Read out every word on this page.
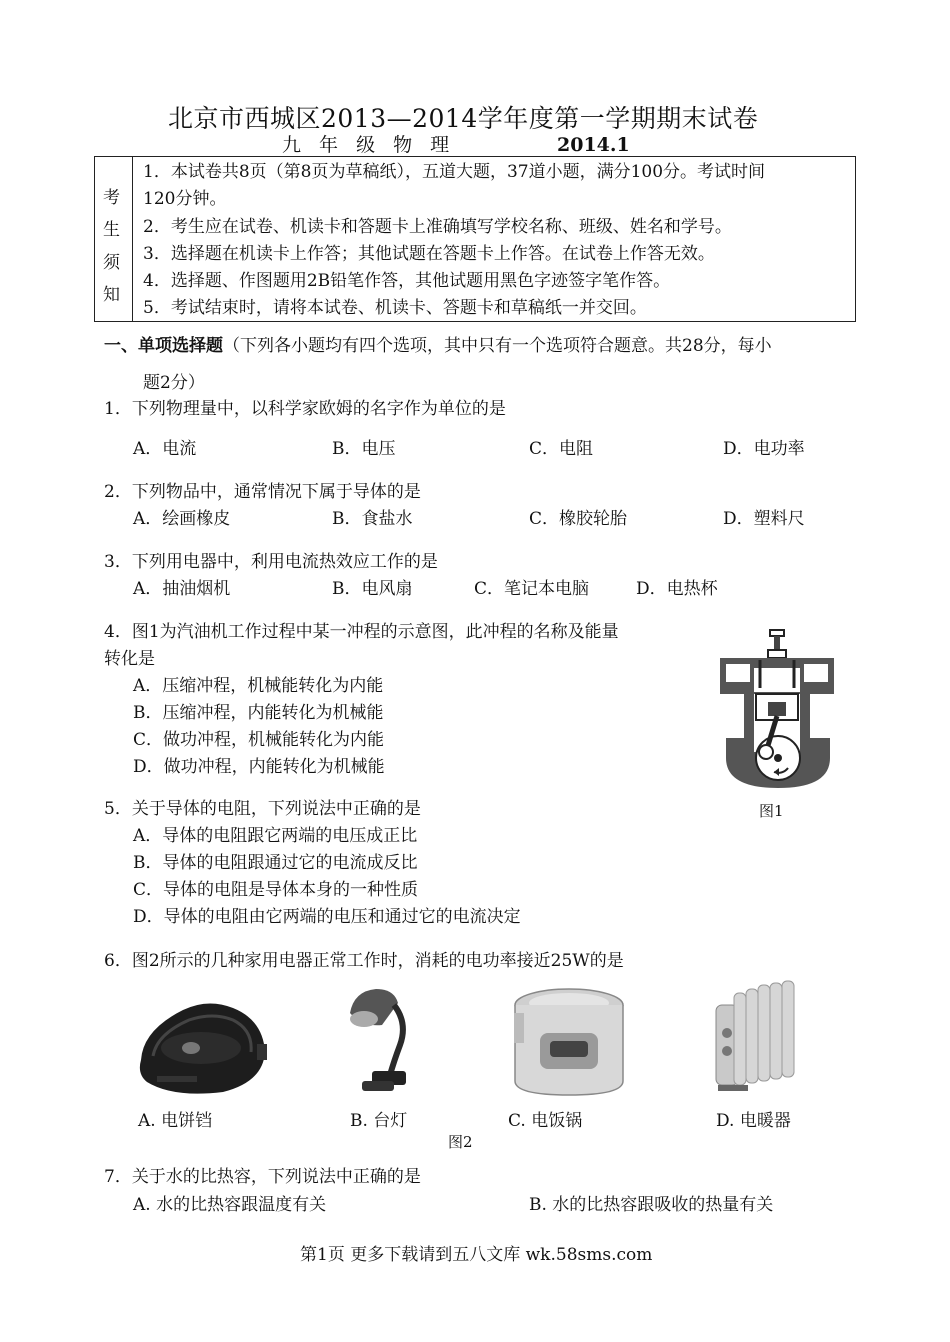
北京市西城区2013—2014学年度第一学期期末试卷
九 年 级 物 理	2014.1
考
生
须
知
1．本试卷共8页（第8页为草稿纸），五道大题，37道小题，满分100分。考试时间
120分钟。
2．考生应在试卷、机读卡和答题卡上准确填写学校名称、班级、姓名和学号。
3．选择题在机读卡上作答；其他试题在答题卡上作答。在试卷上作答无效。
4．选择题、作图题用2B铅笔作答，其他试题用黑色字迹签字笔作答。
5．考试结束时，请将本试卷、机读卡、答题卡和草稿纸一并交回。
一、单项选择题（下列各小题均有四个选项，其中只有一个选项符合题意。共28分，每小
题2分）
1．下列物理量中，以科学家欧姆的名字作为单位的是
A．电流	B．电压	C．电阻	D．电功率
2．下列物品中，通常情况下属于导体的是
A．绘画橡皮	B．食盐水	C．橡胶轮胎	D．塑料尺
3．下列用电器中，利用电流热效应工作的是
A．抽油烟机	B．电风扇	C．笔记本电脑	D．电热杯
4．图1为汽油机工作过程中某一冲程的示意图，此冲程的名称及能量
转化是
A．压缩冲程，机械能转化为内能
B．压缩冲程，内能转化为机械能
C．做功冲程，机械能转化为内能
D．做功冲程，内能转化为机械能
图1
5．关于导体的电阻，下列说法中正确的是
A．导体的电阻跟它两端的电压成正比
B．导体的电阻跟通过它的电流成反比
C．导体的电阻是导体本身的一种性质
D．导体的电阻由它两端的电压和通过它的电流决定
6．图2所示的几种家用电器正常工作时，消耗的电功率接近25W的是
A. 电饼铛	B. 台灯	C. 电饭锅	D. 电暖器
图2
7．关于水的比热容，下列说法中正确的是
A. 水的比热容跟温度有关	B. 水的比热容跟吸收的热量有关
第1页 更多下载请到五八文库 wk.58sms.com
